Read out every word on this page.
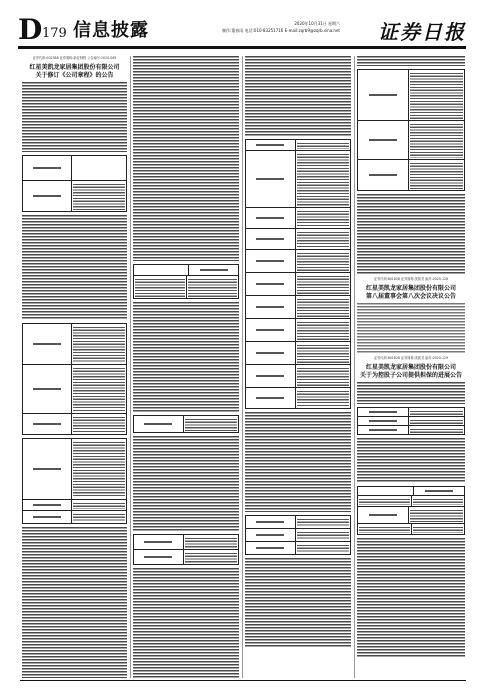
D 179 信息披露	2020年10月31日 星期六
制作:董春雨 电话:010-83251716 E-mail:zqrb9@zqrb.sina.net 证券日报
证券代码:002388 证券简称:新亚制程 公告编号:2020-065
红星美凯龙家居集团股份有限公司
关于修订《公司章程》的公告
证券代码:601828 证券简称:美凯龙 编号:2020-128
红星美凯龙家居集团股份有限公司
第八届董事会第八次会议决议公告
证券代码:601828 证券简称:美凯龙 编号:2020-129
红星美凯龙家居集团股份有限公司
关于为控股子公司提供担保的进展公告
